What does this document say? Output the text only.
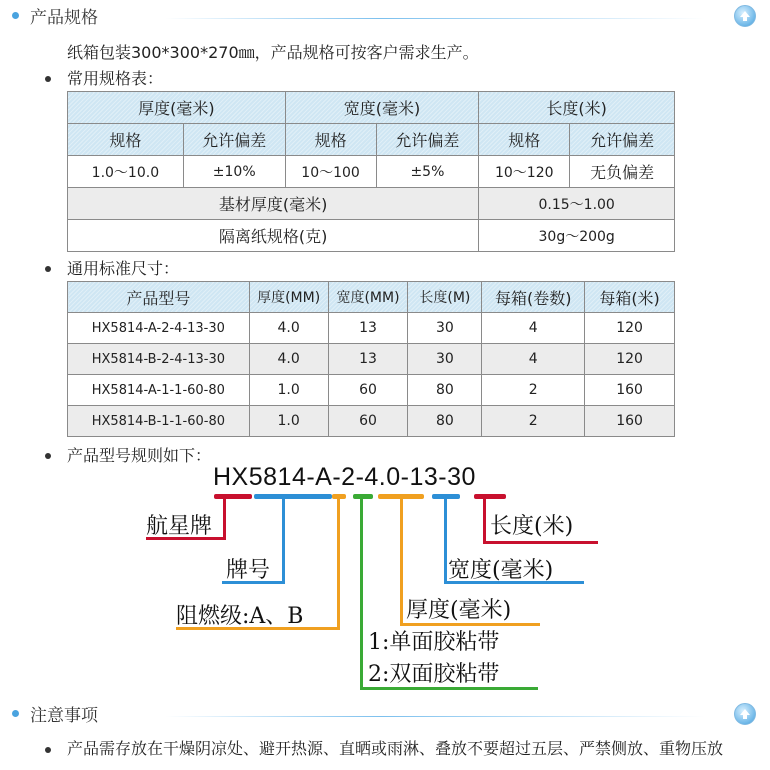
产品规格
纸箱包装300*300*270㎜，产品规格可按客户需求生产。
常用规格表：
厚度(毫米)		宽度(毫米)		长度(米)	
规格	允许偏差	规格	允许偏差	规格	允许偏差
1.0～10.0	±10%	10～100	±5%	10～120	无负偏差
基材厚度(毫米)				0.15～1.00	
隔离纸规格(克)				30g～200g	
通用标准尺寸：
产品型号	厚度(MM)	宽度(MM)	长度(M)	每箱(卷数)	每箱(米)
HX5814-A-2-4-13-30	4.0	13	30	4	120
HX5814-B-2-4-13-30	4.0	13	30	4	120
HX5814-A-1-1-60-80	1.0	60	80	2	160
HX5814-B-1-1-60-80	1.0	60	80	2	160
产品型号规则如下：
HX5814-A-2-4.0-13-30
航星牌
牌号
阻燃级:A、B
1:单面胶粘带
2:双面胶粘带
厚度(毫米)
宽度(毫米)
长度(米)
注意事项
产品需存放在干燥阴凉处、避开热源、直晒或雨淋、叠放不要超过五层、严禁侧放、重物压放
